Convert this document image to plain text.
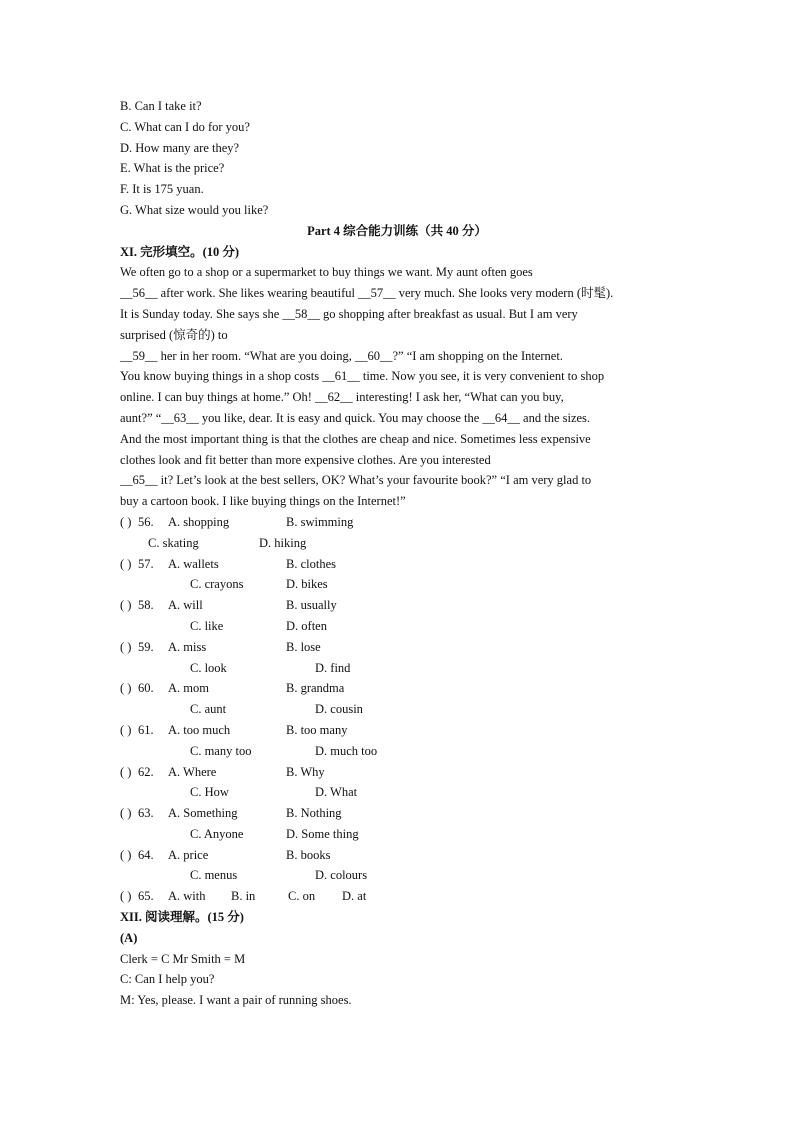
B. Can I take it?
C. What can I do for you?
D. How many are they?
E. What is the price?
F. It is 175 yuan.
G. What size would you like?
Part 4 综合能力训练（共 40 分）
XI. 完形填空。(10 分)
We often go to a shop or a supermarket to buy things we want. My aunt often goes
__56__ after work. She likes wearing beautiful __57__ very much. She looks very modern (时髦).
It is Sunday today. She says she __58__ go shopping after breakfast as usual. But I am very
surprised (惊奇的) to
__59__ her in her room. “What are you doing, __60__?” “I am shopping on the Internet.
You know buying things in a shop costs __61__ time. Now you see, it is very convenient to shop
online. I can buy things at home.” Oh! __62__ interesting! I ask her, “What can you buy,
aunt?” “__63__ you like, dear. It is easy and quick. You may choose the __64__ and the sizes.
And the most important thing is that the clothes are cheap and nice. Sometimes less expensive
clothes look and fit better than more expensive clothes. Are you interested
__65__ it? Let’s look at the best sellers, OK? What’s your favourite book?” “I am very glad to
buy a cartoon book. I like buying things on the Internet!”
( ) 56. A. shopping	B. swimming
C. skating	D. hiking
( ) 57. A. wallets	B. clothes
C. crayons	D. bikes
( ) 58. A. will	B. usually
C. like	D. often
( ) 59. A. miss	B. lose
C. look	D. find
( ) 60. A. mom	B. grandma
C. aunt	D. cousin
( ) 61. A. too much	B. too many
C. many too	D. much too
( ) 62. A. Where	B. Why
C. How	D. What
( ) 63. A. Something	B. Nothing
C. Anyone	D. Some thing
( ) 64. A. price	B. books
C. menus	D. colours
( ) 65. A. with B. in	C. on D. at
XII. 阅读理解。(15 分)
(A)
Clerk = C Mr Smith = M
C: Can I help you?
M: Yes, please. I want a pair of running shoes.
